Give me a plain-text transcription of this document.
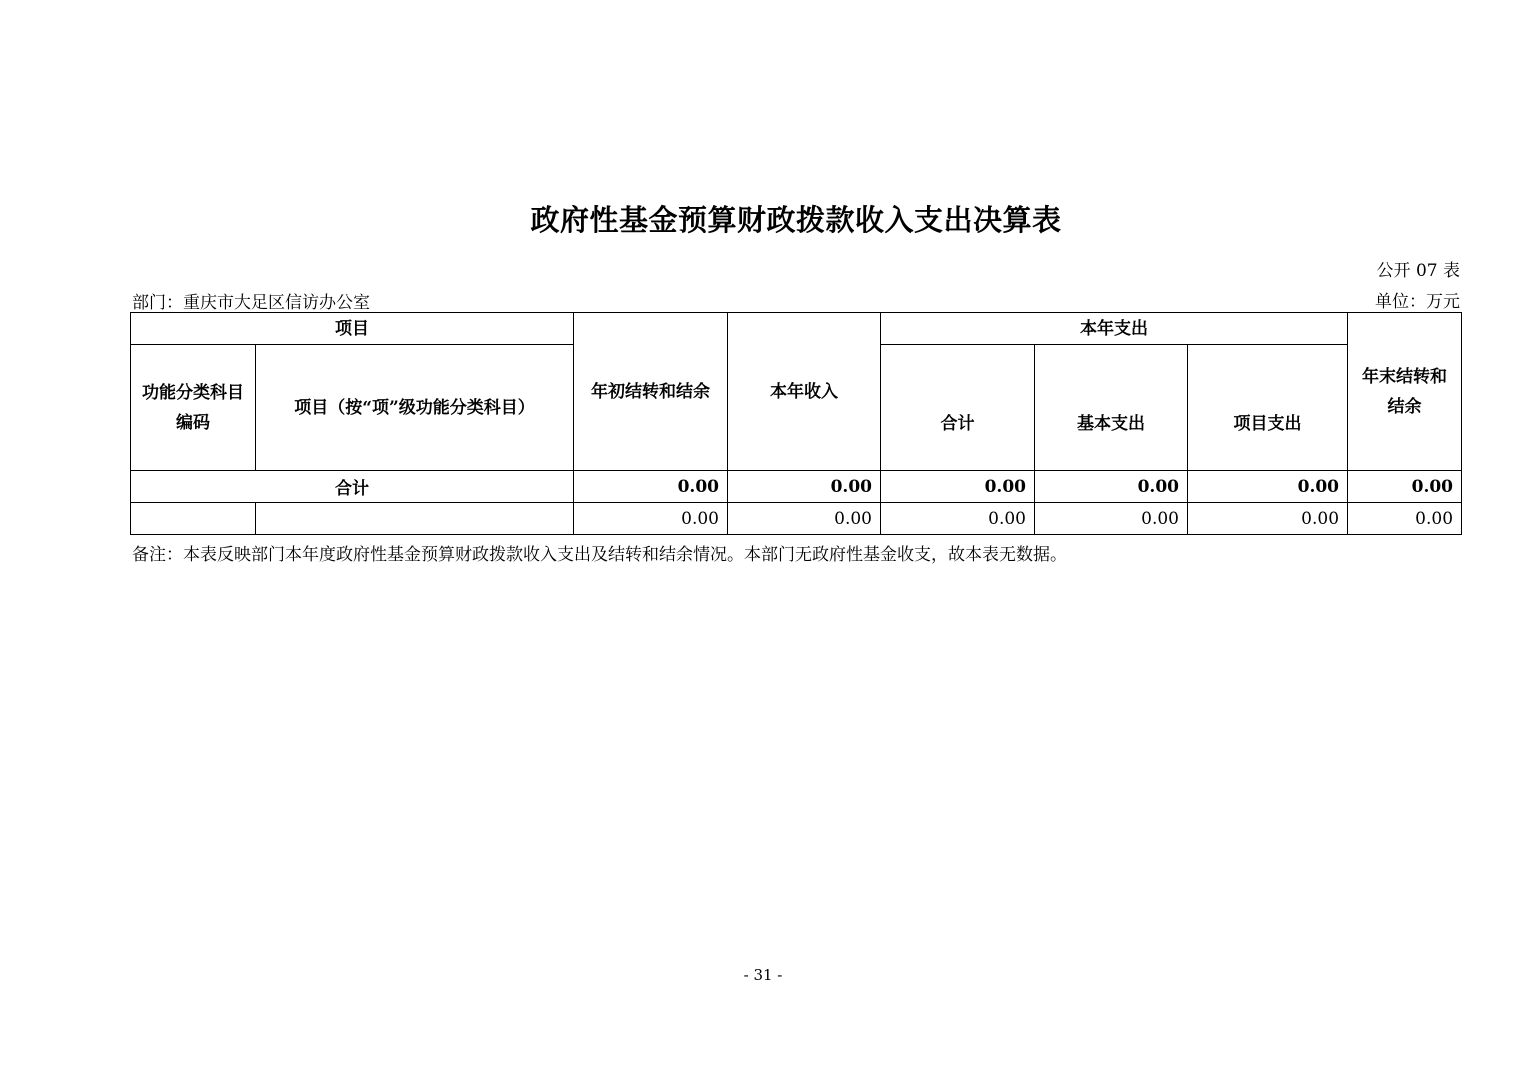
政府性基金预算财政拨款收入支出决算表
公开 07 表
部门：重庆市大足区信访办公室	单位：万元
项目		年初结转和结余	本年收入	本年支出			年末结转和结余
功能分类科目编码	项目（按“项”级功能分类科目）			合计	基本支出	项目支出	
合计		0.00	0.00	0.00	0.00	0.00	0.00
		0.00	0.00	0.00	0.00	0.00	0.00
备注：本表反映部门本年度政府性基金预算财政拨款收入支出及结转和结余情况。本部门无政府性基金收支，故本表无数据。
- 31 -
